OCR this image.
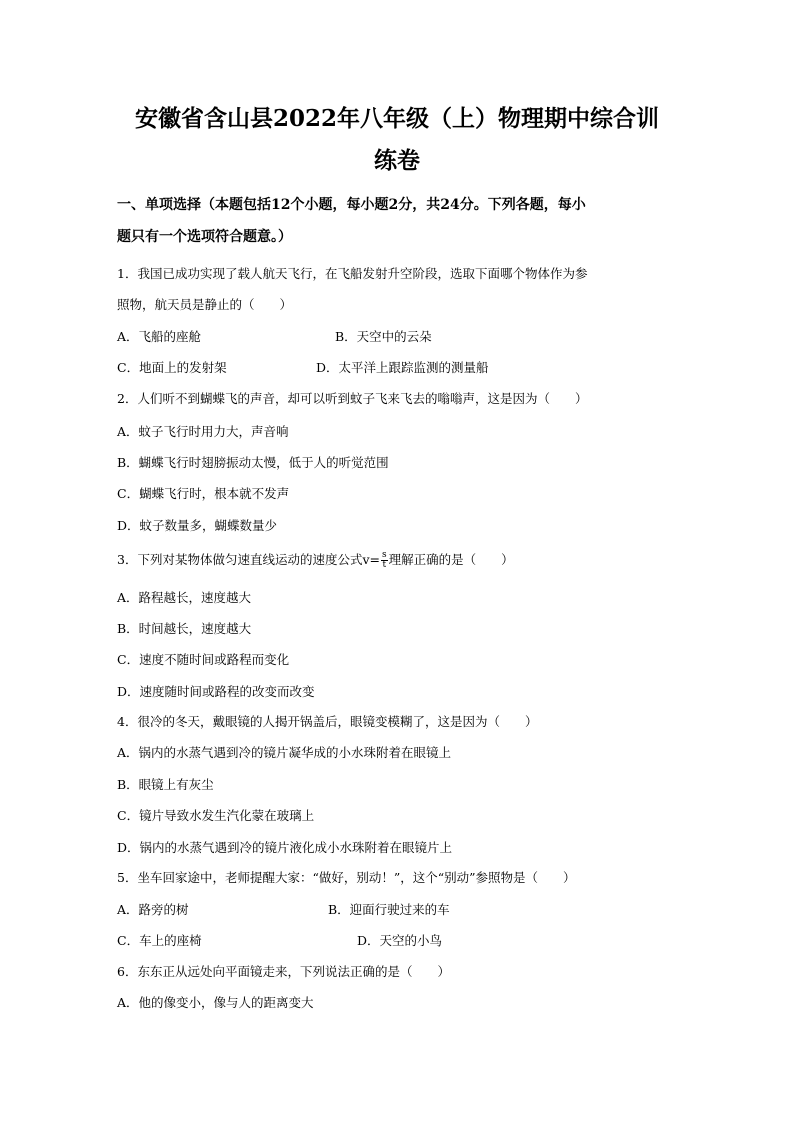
安徽省含山县2022年八年级（上）物理期中综合训
练卷

一、单项选择（本题包括12个小题，每小题2分，共24分。下列各题，每小

题只有一个选项符合题意。）

1．我国已成功实现了载人航天飞行，在飞船发射升空阶段，选取下面哪个物体作为参

照物，航天员是静止的（　　）

A．飞船的座舱	B．天空中的云朵

C．地面上的发射架	D．太平洋上跟踪监测的测量船

2．人们听不到蝴蝶飞的声音，却可以听到蚊子飞来飞去的嗡嗡声，这是因为（　　）

A．蚊子飞行时用力大，声音响

B．蝴蝶飞行时翅膀振动太慢，低于人的听觉范围

C．蝴蝶飞行时，根本就不发声

D．蚊子数量多，蝴蝶数量少

3．下列对某物体做匀速直线运动的速度公式$v= \frac{s}{t}$ 理解正确的是（　　）

A．路程越长，速度越大

B．时间越长，速度越大

C．速度不随时间或路程而变化

D．速度随时间或路程的改变而改变

4．很冷的冬天，戴眼镜的人揭开锅盖后，眼镜变模糊了，这是因为（　　）

A．锅内的水蒸气遇到冷的镜片凝华成的小水珠附着在眼镜上

B．眼镜上有灰尘

C．镜片导致水发生汽化蒙在玻璃上

D．锅内的水蒸气遇到冷的镜片液化成小水珠附着在眼镜片上

5．坐车回家途中，老师提醒大家：“做好，别动！”，这个“别动”参照物是（　　）

A．路旁的树	B．迎面行驶过来的车

C．车上的座椅	D．天空的小鸟

6．东东正从远处向平面镜走来，下列说法正确的是（　　）

A．他的像变小，像与人的距离变大
